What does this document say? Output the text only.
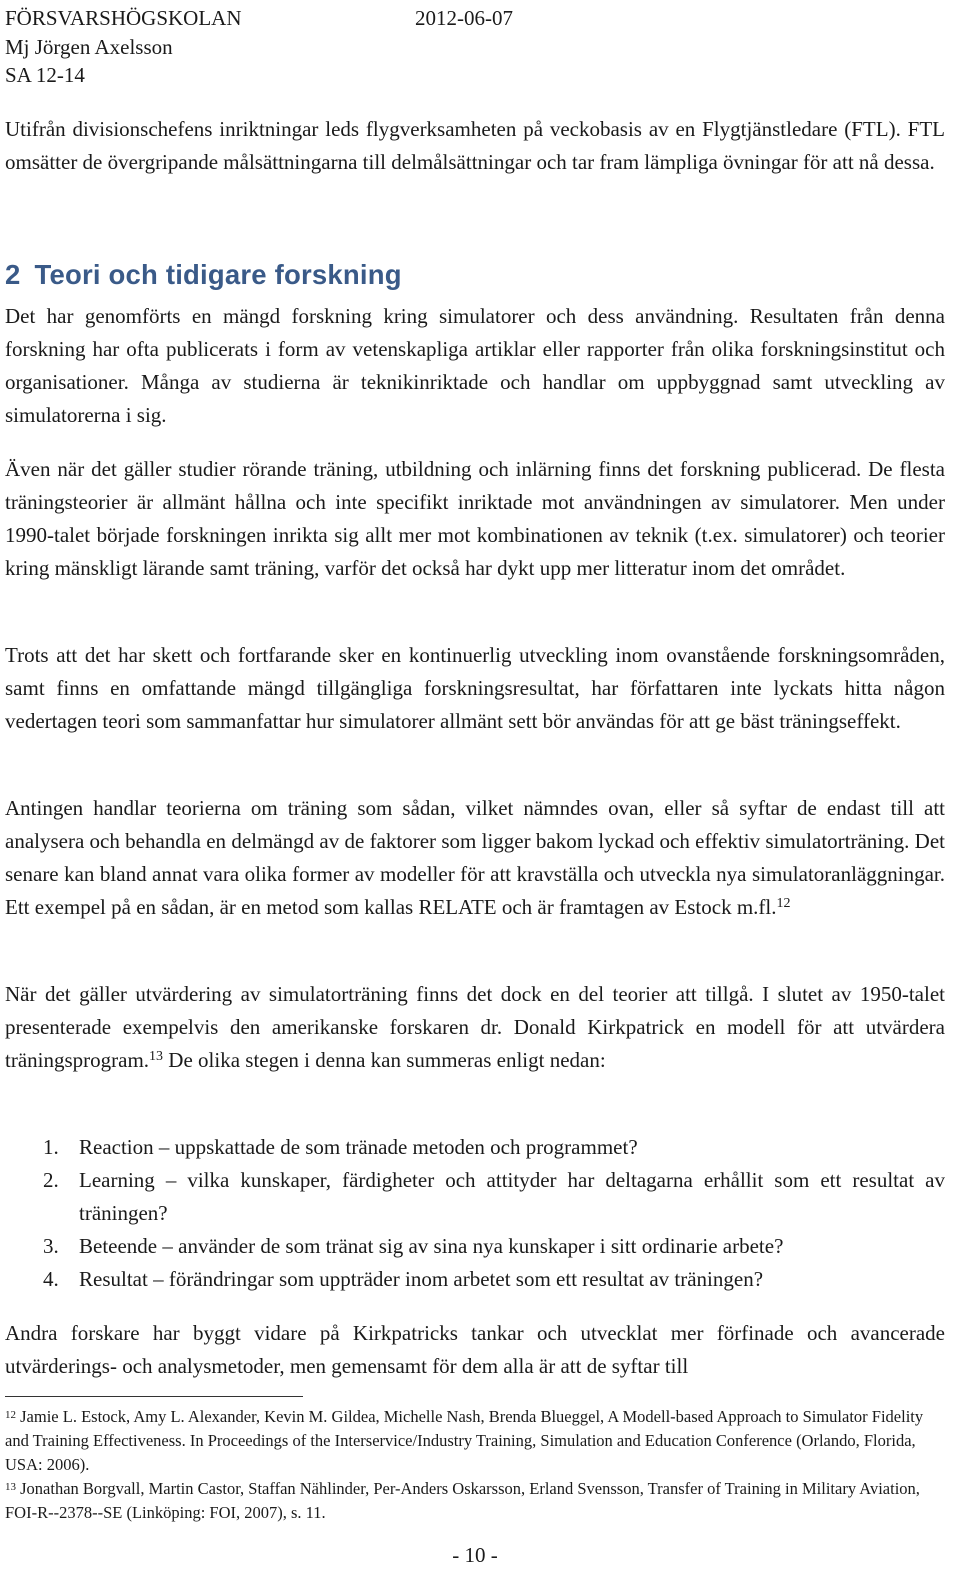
FÖRSVARSHÖGSKOLAN	2012-06-07
Mj Jörgen Axelsson
SA 12-14

Utifrån divisionschefens inriktningar leds flygverksamheten på veckobasis av en Flygtjänstledare (FTL). FTL omsätter de övergripande målsättningarna till delmålsättningar och tar fram lämpliga övningar för att nå dessa.

2 Teori och tidigare forskning

Det har genomförts en mängd forskning kring simulatorer och dess användning. Resultaten från denna forskning har ofta publicerats i form av vetenskapliga artiklar eller rapporter från olika forskningsinstitut och organisationer. Många av studierna är teknikinriktade och handlar om uppbyggnad samt utveckling av simulatorerna i sig.

Även när det gäller studier rörande träning, utbildning och inlärning finns det forskning publicerad. De flesta träningsteorier är allmänt hållna och inte specifikt inriktade mot användningen av simulatorer. Men under 1990-talet började forskningen inrikta sig allt mer mot kombinationen av teknik (t.ex. simulatorer) och teorier kring mänskligt lärande samt träning, varför det också har dykt upp mer litteratur inom det området.

Trots att det har skett och fortfarande sker en kontinuerlig utveckling inom ovanstående forskningsområden, samt finns en omfattande mängd tillgängliga forskningsresultat, har författaren inte lyckats hitta någon vedertagen teori som sammanfattar hur simulatorer allmänt sett bör användas för att ge bäst träningseffekt.

Antingen handlar teorierna om träning som sådan, vilket nämndes ovan, eller så syftar de endast till att analysera och behandla en delmängd av de faktorer som ligger bakom lyckad och effektiv simulatorträning. Det senare kan bland annat vara olika former av modeller för att kravställa och utveckla nya simulatoranläggningar. Ett exempel på en sådan, är en metod som kallas RELATE och är framtagen av Estock m.fl.$^{12}$

När det gäller utvärdering av simulatorträning finns det dock en del teorier att tillgå. I slutet av 1950-talet presenterade exempelvis den amerikanske forskaren dr. Donald Kirkpatrick en modell för att utvärdera träningsprogram.$^{13}$ De olika stegen i denna kan summeras enligt nedan:

1. Reaction – uppskattade de som tränade metoden och programmet?
2. Learning – vilka kunskaper, färdigheter och attityder har deltagarna erhållit som ett resultat av träningen?
3. Beteende – använder de som tränat sig av sina nya kunskaper i sitt ordinarie arbete?
4. Resultat – förändringar som uppträder inom arbetet som ett resultat av träningen?

Andra forskare har byggt vidare på Kirkpatricks tankar och utvecklat mer förfinade och avancerade utvärderings- och analysmetoder, men gemensamt för dem alla är att de syftar till

$^{12}$ Jamie L. Estock, Amy L. Alexander, Kevin M. Gildea, Michelle Nash, Brenda Blueggel, A Modell-based Approach to Simulator Fidelity and Training Effectiveness. In Proceedings of the Interservice/Industry Training, Simulation and Education Conference (Orlando, Florida, USA: 2006).

$^{13}$ Jonathan Borgvall, Martin Castor, Staffan Nählinder, Per-Anders Oskarsson, Erland Svensson, Transfer of Training in Military Aviation, FOI-R--2378--SE (Linköping: FOI, 2007), s. 11.

- 10 -
